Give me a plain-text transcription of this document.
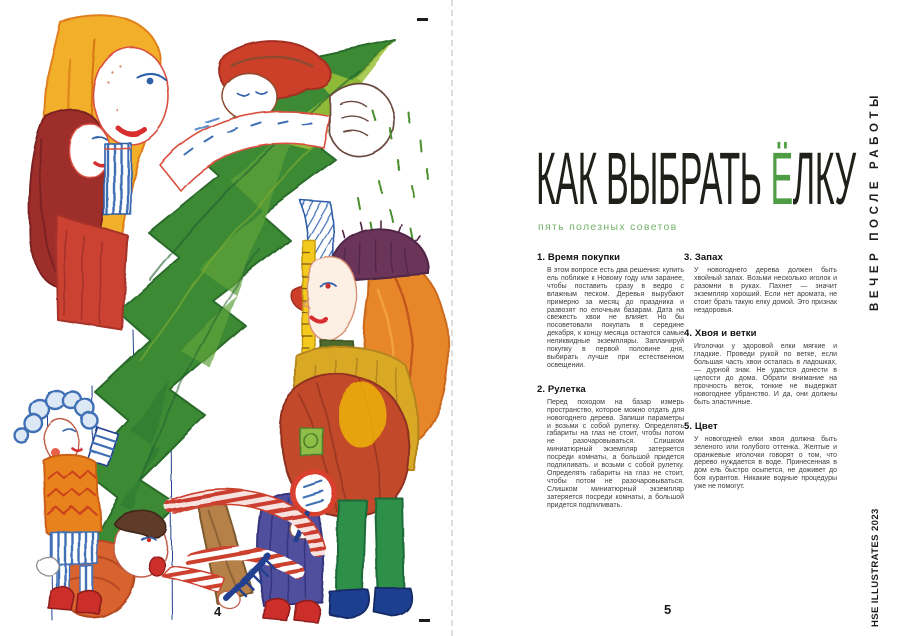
4
КАК ВЫБРАТЬ ЁЛКУ
пять полезных советов
1. Время покупки

В этом вопросе есть два решения: купить ель поближе к Новому году или заранее, чтобы поставить сразу в ведро с влажным песком. Деревья вырубают примерно за месяц до праздника и развозят по елочным базарам. Дата на свежесть хвои не влияет. Но бы посоветовали покупать в середине декабря, к концу месяца остаются самые неликвидные экземпляры. Запланируй покупку в первой половине дня, выбирать лучше при естественном освещении.

2. Рулетка

Перед походом на базар измерь пространство, которое можно отдать для новогоднего дерева. Запиши параметры и возьми с собой рулетку. Определять габариты на глаз не стоит, чтобы потом не разочаровываться. Слишком миниатюрный экземпляр затеряется посреди комнаты, а большой придется подпиливать. и возьми с собой рулетку. Определять габариты на глаз не стоит, чтобы потом не разочаровываться. Слишком миниатюрный экземпляр затеряется посреди комнаты, а большой придется подпиливать.

3. Запах

У новогоднего дерева должен быть хвойный запах. Возьми несколько иголок и разомни в руках. Пахнет — значит экземпляр хороший. Если нет аромата, не стоит брать такую елку домой. Это признак нездоровья.

4. Хвоя и ветки

Иголочки у здоровой елки мягкие и гладкие. Проведи рукой по ветке, если большая часть хвои осталась в ладошках, — дурной знак. Не удастся донести в целости до дома. Обрати внимание на прочность веток, тонкие не выдержат новогоднее убранство. И да, они должны быть эластичные.

5. Цвет

У новогодней елки хвоя должна быть зеленого или голубого оттенка. Желтые и оранжевые иголочки говорят о том, что дерево нуждается в воде. Принесенная в дом ель быстро осыпется, не доживет до боя курантов. Никакие водные процедуры уже не помогут.

ВЕЧЕР ПОСЛЕ РАБОТЫ
HSE ILLUSTRATES 2023
5
